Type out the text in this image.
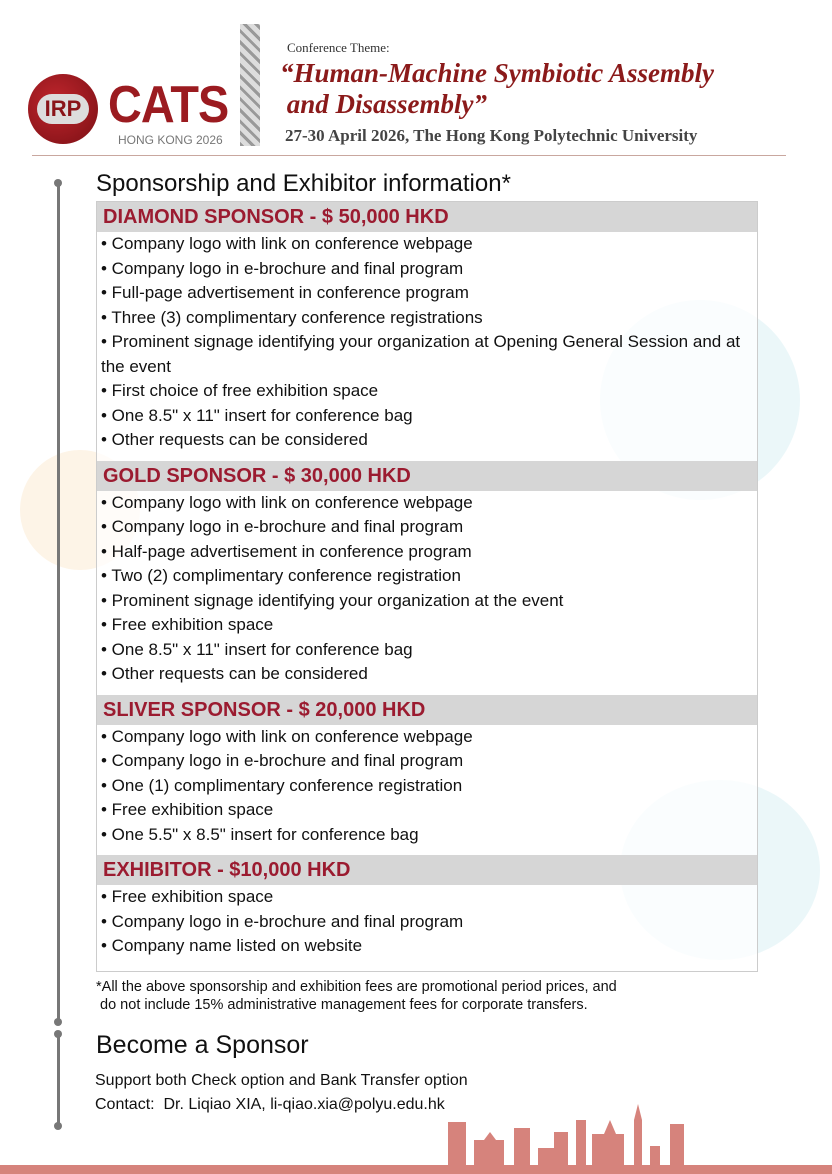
IRP CATS
HONG KONG 2026
Conference Theme:
“Human-Machine Symbiotic Assembly
and Disassembly”
27-30 April 2026, The Hong Kong Polytechnic University
Sponsorship and Exhibitor information*
DIAMOND SPONSOR - $ 50,000 HKD
• Company logo with link on conference webpage
• Company logo in e-brochure and final program
• Full-page advertisement in conference program
• Three (3) complimentary conference registrations
• Prominent signage identifying your organization at Opening General Session and at the event
• First choice of free exhibition space
• One 8.5" x 11" insert for conference bag
• Other requests can be considered
GOLD SPONSOR - $ 30,000 HKD
• Company logo with link on conference webpage
• Company logo in e-brochure and final program
• Half-page advertisement in conference program
• Two (2) complimentary conference registration
• Prominent signage identifying your organization at the event
• Free exhibition space
• One 8.5" x 11" insert for conference bag
• Other requests can be considered
SLIVER SPONSOR - $ 20,000 HKD
• Company logo with link on conference webpage
• Company logo in e-brochure and final program
• One (1) complimentary conference registration
• Free exhibition space
• One 5.5" x 8.5" insert for conference bag
EXHIBITOR - $10,000 HKD
• Free exhibition space
• Company logo in e-brochure and final program
• Company name listed on website
*All the above sponsorship and exhibition fees are promotional period prices, and
do not include 15% administrative management fees for corporate transfers.
Become a Sponsor
Support both Check option and Bank Transfer option
Contact:  Dr. Liqiao XIA, li-qiao.xia@polyu.edu.hk
